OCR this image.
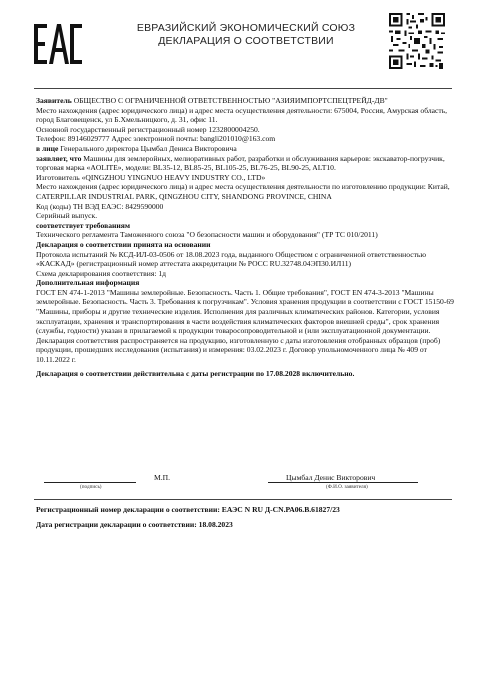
ЕВРАЗИЙСКИЙ ЭКОНОМИЧЕСКИЙ СОЮЗ
ДЕКЛАРАЦИЯ О СООТВЕТСТВИИ

Заявитель ОБЩЕСТВО С ОГРАНИЧЕННОЙ ОТВЕТСТВЕННОСТЬЮ "АЗИЯИМПОРТСПЕЦТРЕЙД-ДВ"

Место нахождения (адрес юридического лица) и адрес места осуществления деятельности: 675004, Россия, Амурская область, город Благовещенск, ул Б.Хмельницкого, д. 31, офис 11.

Основной государственный регистрационный номер 1232800004250.

Телефон: 89146029777 Адрес электронной почты: bangli201010@163.com

в лице Генерального директора Цымбал Дениса Викторовича

заявляет, что Машины для землеройных, мелиоративных работ, разработки и обслуживания карьеров: экскаватор-погрузчик, торговая марка «AOLITE», модели: BL35-12, BL85-25, BL105-25, BL76-25, BL90-25, ALT10.

Изготовитель «QINGZHOU YINGNUO HEAVY INDUSTRY CO., LTD»

Место нахождения (адрес юридического лица) и адрес места осуществления деятельности по изготовлению продукции: Китай, CATERPILLAR INDUSTRIAL PARK, QINGZHOU CITY, SHANDONG PROVINCE, CHINA

Код (коды) ТН ВЭД ЕАЭС: 8429590000

Серийный выпуск.

соответствует требованиям

Технического регламента Таможенного союза "О безопасности машин и оборудования" (ТР ТС 010/2011)

Декларация о соответствии принята на основании

Протокола испытаний № КСД-ИЛ-03-0506 от 18.08.2023 года, выданного Обществом с ограниченной ответственностью «КАСКАД» (регистрационный номер аттестата аккредитации № РОСС RU.32748.04ЭП30.ИЛ11)

Схема декларирования соответствия: 1д

Дополнительная информация

ГОСТ EN 474-1-2013 "Машины землеройные. Безопасность. Часть 1. Общие требования", ГОСТ EN 474-3-2013 "Машины землеройные. Безопасность. Часть 3. Требования к погрузчикам". Условия хранения продукции в соответствии с ГОСТ 15150-69 "Машины, приборы и другие технические изделия. Исполнения для различных климатических районов. Категории, условия эксплуатации, хранения и транспортирования в части воздействия климатических факторов внешней среды", срок хранения (службы, годности) указан в прилагаемой к продукции товаросопроводительной и (или эксплуатационной документации. Декларация соответствия распространяется на продукцию, изготовленную с даты изготовления отобранных образцов (проб) продукции, прошедших исследования (испытания) и измерения: 03.02.2023 г. Договор упольномоченного лица № 409 от 10.11.2022 г.

Декларация о соответствии действительна с даты регистрации по 17.08.2028 включительно.

(подпись)
М.П.	Цымбал Денис Викторович
(Ф.И.О. заявителя)

Регистрационный номер декларации о соответствии: ЕАЭС N RU Д-CN.РА06.В.61827/23

Дата регистрации декларации о соответствии: 18.08.2023
